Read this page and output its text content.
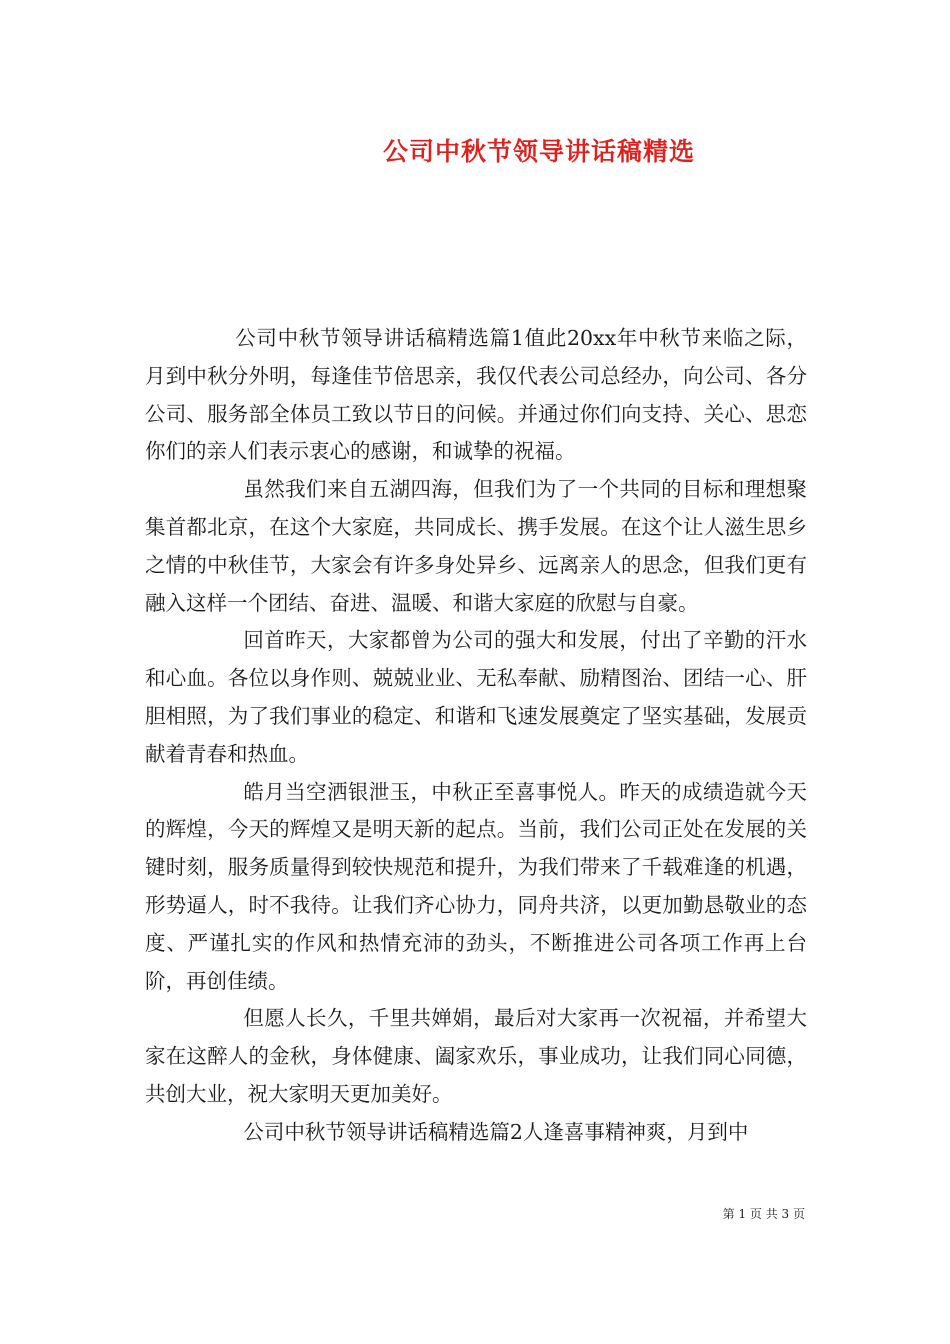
公司中秋节领导讲话稿精选

公司中秋节领导讲话稿精选篇1值此20xx年中秋节来临之际，月到中秋分外明，每逢佳节倍思亲，我仅代表公司总经办，向公司、各分公司、服务部全体员工致以节日的问候。并通过你们向支持、关心、思恋你们的亲人们表示衷心的感谢，和诚挚的祝福。

虽然我们来自五湖四海，但我们为了一个共同的目标和理想聚集首都北京，在这个大家庭，共同成长、携手发展。在这个让人滋生思乡之情的中秋佳节，大家会有许多身处异乡、远离亲人的思念，但我们更有融入这样一个团结、奋进、温暖、和谐大家庭的欣慰与自豪。

回首昨天，大家都曾为公司的强大和发展，付出了辛勤的汗水和心血。各位以身作则、兢兢业业、无私奉献、励精图治、团结一心、肝胆相照，为了我们事业的稳定、和谐和飞速发展奠定了坚实基础，发展贡献着青春和热血。

皓月当空洒银泄玉，中秋正至喜事悦人。昨天的成绩造就今天的辉煌，今天的辉煌又是明天新的起点。当前，我们公司正处在发展的关键时刻，服务质量得到较快规范和提升，为我们带来了千载难逢的机遇，形势逼人，时不我待。让我们齐心协力，同舟共济，以更加勤恳敬业的态度、严谨扎实的作风和热情充沛的劲头，不断推进公司各项工作再上台阶，再创佳绩。

但愿人长久，千里共婵娟，最后对大家再一次祝福，并希望大家在这醉人的金秋，身体健康、阖家欢乐，事业成功，让我们同心同德，共创大业，祝大家明天更加美好。

公司中秋节领导讲话稿精选篇2人逢喜事精神爽，月到中

第 1 页 共 3 页
